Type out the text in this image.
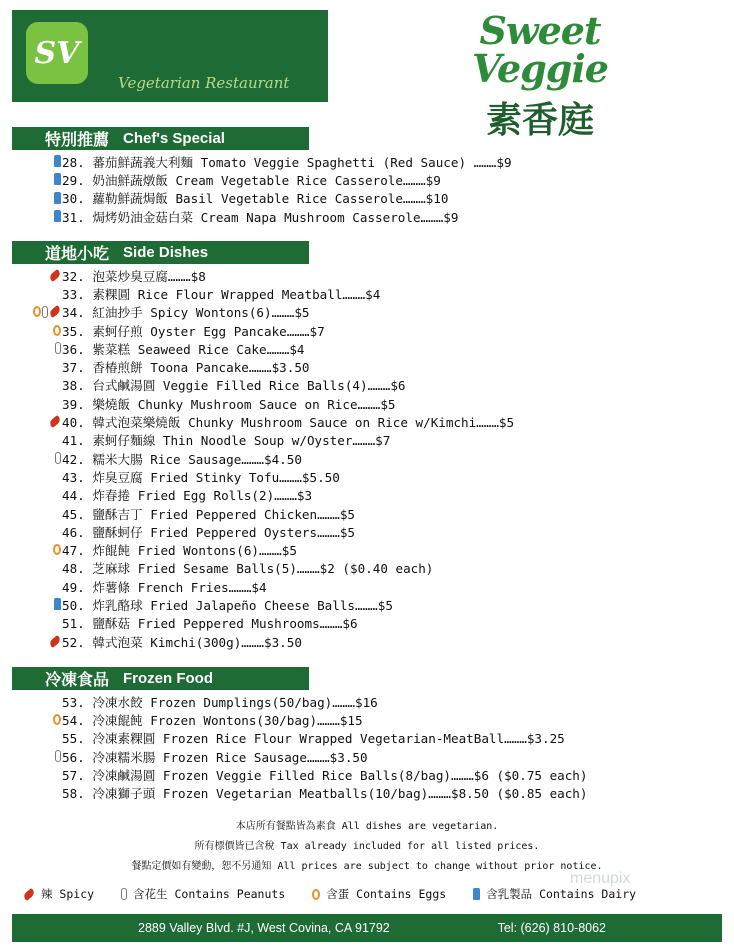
SV
Vegetarian Restaurant
Sweet Veggie
素香庭
特別推薦 Chef's Special
28. 蕃茄鮮蔬義大利麵 Tomato Veggie Spaghetti (Red Sauce) ………$9
29. 奶油鮮蔬燉飯 Cream Vegetable Rice Casserole………$9
30. 蘿勒鮮蔬焗飯 Basil Vegetable Rice Casserole………$10
31. 焗烤奶油金菇白菜 Cream Napa Mushroom Casserole………$9
道地小吃 Side Dishes
32. 泡菜炒臭豆腐………$8
33. 素粿圓 Rice Flour Wrapped Meatball………$4
34. 紅油抄手 Spicy Wontons(6)………$5
35. 素蚵仔煎 Oyster Egg Pancake………$7
36. 紫菜糕 Seaweed Rice Cake………$4
37. 香椿煎餅 Toona Pancake………$3.50
38. 台式鹹湯圓 Veggie Filled Rice Balls(4)………$6
39. 樂燒飯 Chunky Mushroom Sauce on Rice………$5
40. 韓式泡菜樂燒飯 Chunky Mushroom Sauce on Rice w/Kimchi………$5
41. 素蚵仔麵線 Thin Noodle Soup w/Oyster………$7
42. 糯米大腸 Rice Sausage………$4.50
43. 炸臭豆腐 Fried Stinky Tofu………$5.50
44. 炸春捲 Fried Egg Rolls(2)………$3
45. 鹽酥吉丁 Fried Peppered Chicken………$5
46. 鹽酥蚵仔 Fried Peppered Oysters………$5
47. 炸餛飩 Fried Wontons(6)………$5
48. 芝麻球 Fried Sesame Balls(5)………$2 ($0.40 each)
49. 炸薯條 French Fries………$4
50. 炸乳酪球 Fried Jalapeño Cheese Balls………$5
51. 鹽酥菇 Fried Peppered Mushrooms………$6
52. 韓式泡菜 Kimchi(300g)………$3.50
冷凍食品 Frozen Food
53. 冷凍水餃 Frozen Dumplings(50/bag)………$16
54. 冷凍餛飩 Frozen Wontons(30/bag)………$15
55. 冷凍素粿圓 Frozen Rice Flour Wrapped Vegetarian-MeatBall………$3.25
56. 冷凍糯米腸 Frozen Rice Sausage………$3.50
57. 冷凍鹹湯圓 Frozen Veggie Filled Rice Balls(8/bag)………$6 ($0.75 each)
58. 冷凍獅子頭 Frozen Vegetarian Meatballs(10/bag)………$8.50 ($0.85 each)
本店所有餐點皆為素食 All dishes are vegetarian.
所有標價皆已含稅 Tax already included for all listed prices.
餐點定價如有變動，恕不另通知 All prices are subject to change without prior notice.
menupix
辣 Spicy	含花生 Contains Peanuts	含蛋 Contains Eggs	含乳製品 Contains Dairy
2889 Valley Blvd. #J, West Covina, CA 91792	Tel: (626) 810-8062
